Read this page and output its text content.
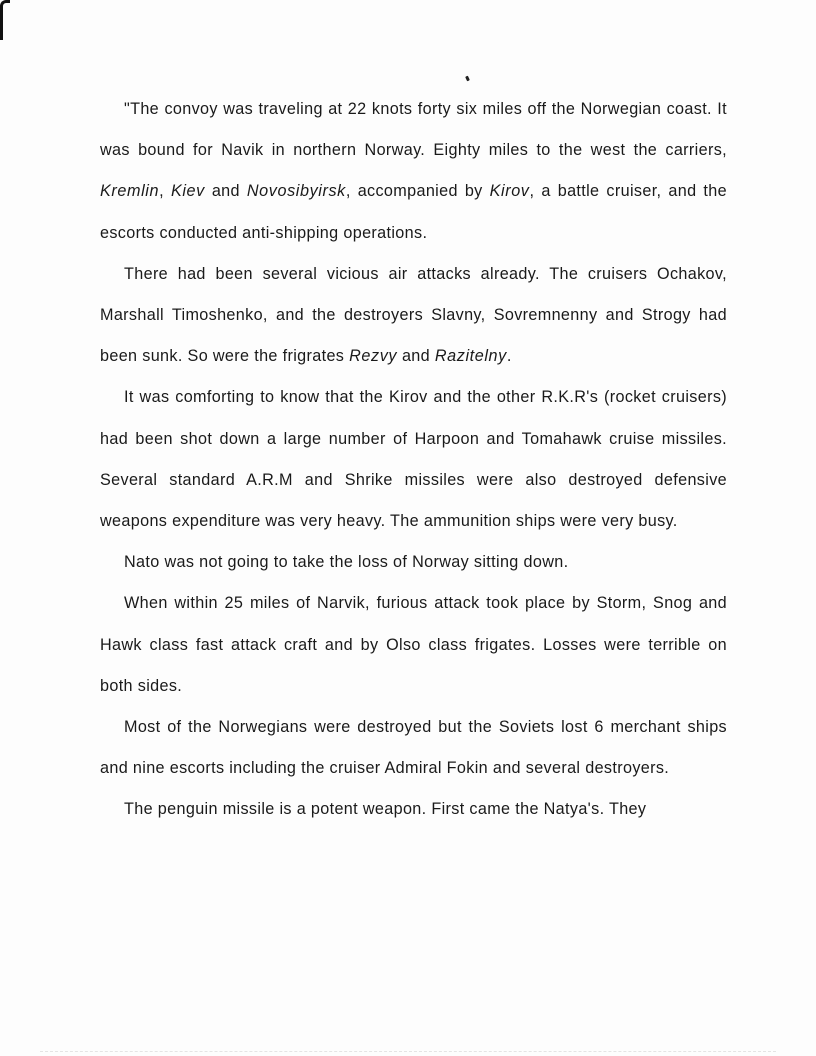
"The convoy was traveling at 22 knots forty six miles off the Norwegian coast. It was bound for Navik in northern Norway. Eighty miles to the west the carriers, Kremlin, Kiev and Novosibyirsk, accompanied by Kirov, a battle cruiser, and the escorts conducted anti-shipping operations.

There had been several vicious air attacks already. The cruisers Ochakov, Marshall Timoshenko, and the destroyers Slavny, Sovremnenny and Strogy had been sunk. So were the frigrates Rezvy and Razitelny.

It was comforting to know that the Kirov and the other R.K.R's (rocket cruisers) had been shot down a large number of Harpoon and Tomahawk cruise missiles. Several standard A.R.M and Shrike missiles were also destroyed defensive weapons expenditure was very heavy. The ammunition ships were very busy.

Nato was not going to take the loss of Norway sitting down.

When within 25 miles of Narvik, furious attack took place by Storm, Snog and Hawk class fast attack craft and by Olso class frigates. Losses were terrible on both sides.

Most of the Norwegians were destroyed but the Soviets lost 6 merchant ships and nine escorts including the cruiser Admiral Fokin and several destroyers.

The penguin missile is a potent weapon. First came the Natya's. They
